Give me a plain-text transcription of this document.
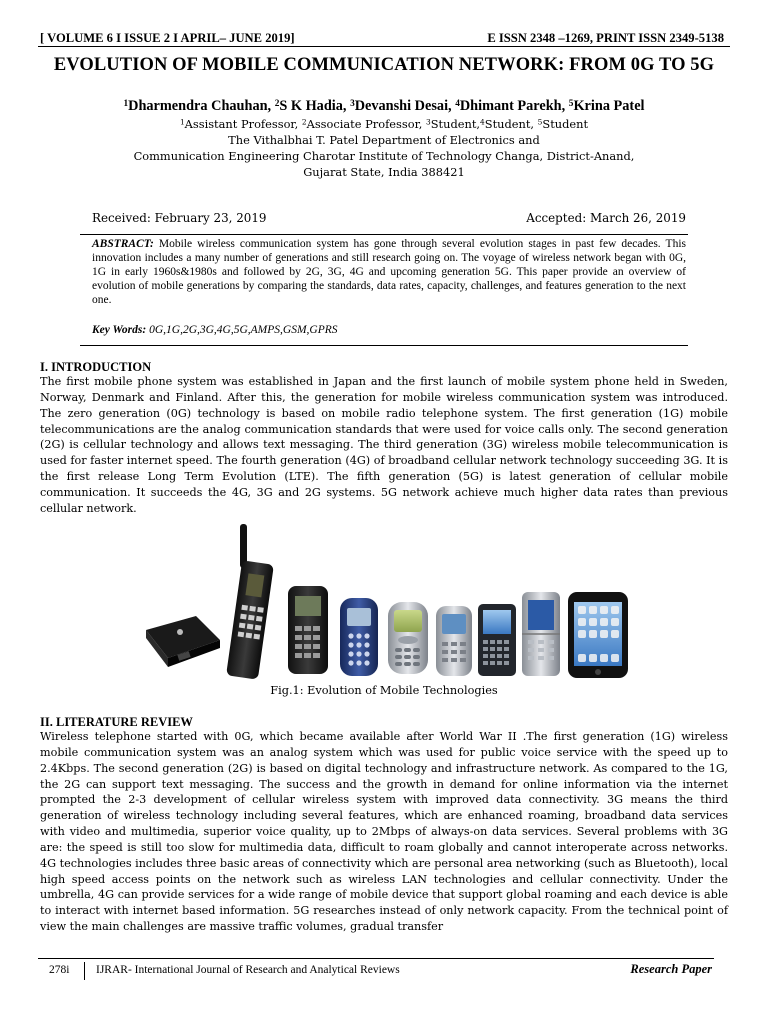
[ VOLUME 6 I ISSUE 2 I APRIL– JUNE 2019]	E ISSN 2348 –1269, PRINT ISSN 2349-5138
EVOLUTION OF MOBILE COMMUNICATION NETWORK: FROM 0G TO 5G
$^1$Dharmendra Chauhan, $^2$S K Hadia, $^3$Devanshi Desai, $^4$Dhimant Parekh, $^5$Krina Patel
$^1$Assistant Professor, $^2$Associate Professor, $^3$Student,$^4$Student, $^5$Student
The Vithalbhai T. Patel Department of Electronics and
Communication Engineering Charotar Institute of Technology Changa, District-Anand,
Gujarat State, India 388421
Received: February 23, 2019	Accepted: March 26, 2019
ABSTRACT: Mobile wireless communication system has gone through several evolution stages in past few decades. This innovation includes a many number of generations and still research going on. The voyage of wireless network began with 0G, 1G in early 1960s&1980s and followed by 2G, 3G, 4G and upcoming generation 5G. This paper provide an overview of evolution of mobile generations by comparing the standards, data rates, capacity, challenges, and features generation to the next one.
Key Words: 0G,1G,2G,3G,4G,5G,AMPS,GSM,GPRS
I. INTRODUCTION
The first mobile phone system was established in Japan and the first launch of mobile system phone held in Sweden, Norway, Denmark and Finland. After this, the generation for mobile wireless communication system was introduced. The zero generation (0G) technology is based on mobile radio telephone system. The first generation (1G) mobile telecommunications are the analog communication standards that were used for voice calls only. The second generation (2G) is cellular technology and allows text messaging. The third generation (3G) wireless mobile telecommunication is used for faster internet speed. The fourth generation (4G) of broadband cellular network technology succeeding 3G. It is the first release Long Term Evolution (LTE). The fifth generation (5G) is latest generation of cellular mobile communication. It succeeds the 4G, 3G and 2G systems. 5G network achieve much higher data rates than previous cellular network.
Fig.1: Evolution of Mobile Technologies
II. LITERATURE REVIEW
Wireless telephone started with 0G, which became available after World War II .The first generation (1G) wireless mobile communication system was an analog system which was used for public voice service with the speed up to 2.4Kbps. The second generation (2G) is based on digital technology and infrastructure network. As compared to the 1G, the 2G can support text messaging. The success and the growth in demand for online information via the internet prompted the 2-3 development of cellular wireless system with improved data connectivity. 3G means the third generation of wireless technology including several features, which are enhanced roaming, broadband data services with video and multimedia, superior voice quality, up to 2Mbps of always-on data services. Several problems with 3G are: the speed is still too slow for multimedia data, difficult to roam globally and cannot interoperate across networks. 4G technologies includes three basic areas of connectivity which are personal area networking (such as Bluetooth), local high speed access points on the network such as wireless LAN technologies and cellular connectivity. Under the umbrella, 4G can provide services for a wide range of mobile device that support global roaming and each device is able to interact with internet based information. 5G researches instead of only network capacity. From the technical point of view the main challenges are massive traffic volumes, gradual transfer
278i IJRAR- International Journal of Research and Analytical Reviews	Research Paper
